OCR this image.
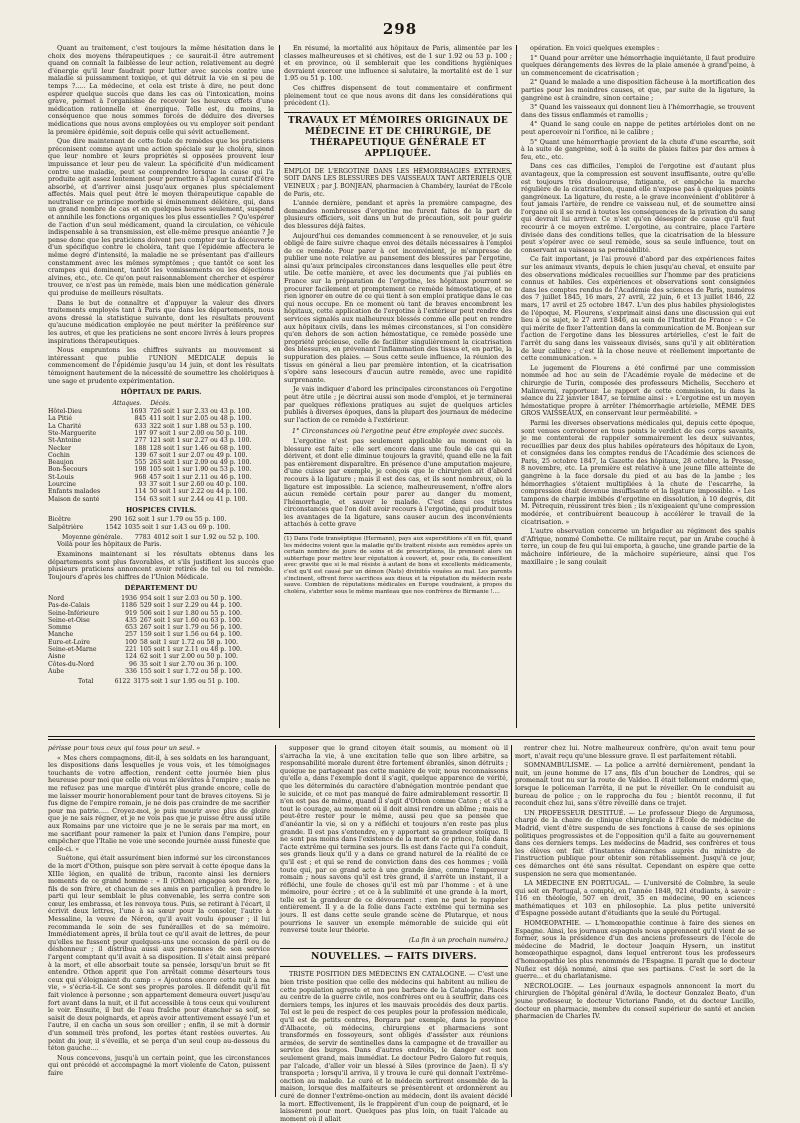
298

Quant au traitement, c'est toujours la même hésitation dans le choix des moyens thérapeutiques ; ce saurait-il être autrement quand on connaît la faiblesse de leur action, relativement au degré d'énergie qu'il leur faudrait pour lutter avec succès contre une maladie si puissamment toxique, et qui détruit la vie en si peu de temps ?..... La médecine, et cela est triste à dire, ne peut donc espérer quelque succès que dans les cas où l'intoxication, moins grave, permet à l'organisme de recevoir les heureux effets d'une médication rationnelle et énergique. Telle est, du moins, la conséquence que nous sommes forcés de déduire des diverses médications que nous avons employées ou vu employer soit pendant la première épidémie, soit depuis celle qui sévit actuellement.

Que dire maintenant de cette foule de remèdes que les praticiens préconisent comme ayant une action spéciale sur le choléra, sinon que leur nombre et leurs propriétés si opposées prouvent leur impuissance et leur peu de valeur. La spécificité d'un médicament contre une maladie, peut se comprendre lorsque la cause qui l'a produite agit assez lentement pour permettre à l'agent curatif d'être absorbé, et d'arriver ainsi jusqu'aux organes plus spécialement affectés. Mais quel peut être le moyen thérapeutique capable de neutraliser ce principe morbide si éminemment délétère, qui, dans un grand nombre de cas et en quelques heures seulement, suspend et annihile les fonctions organiques les plus essentielles ? Qu'espérer de l'action d'un seul médicament, quand la circulation, ce véhicule indispensable à sa transmission, est elle-même presque anéantie ? Je pense donc que les praticiens doivent peu compter sur la découverte d'un spécifique contre le choléra, tant que l'épidémie affectera le même degré d'intensité, la maladie ne se présentant pas d'ailleurs constamment avec les mêmes symptômes ; que tantôt ce sont les crampes qui dominent, tantôt les vomissements ou les déjections alvines, etc., etc. Ce qu'on peut raisonnablement chercher et espérer trouver, ce n'est pas un remède, mais bien une médication générale qui produise de meilleurs résultats.

Dans le but de connaître et d'appuyer la valeur des divers traitements employés tant à Paris que dans les départements, nous avons dressé la statistique suivante, dont les résultats prouvent qu'aucune médication employée ne peut mériter la préférence sur les autres, et que les praticiens ne sont encore livrés à leurs propres inspirations thérapeutiques.

Nous empruntons les chiffres suivants au mouvement si intéressant que publie l'UNION MÉDICALE depuis le commencement de l'épidémie jusqu'au 14 juin, et dont les résultats témoignent hautement de la nécessité de soumettre les cholériques à une sage et prudente expérimentation.

HÔPITAUX DE PARIS.

	Attaques.	Décès.
Hôtel-Dieu	1693	726 soit 1 sur 2.33 ou 43 p. 100.
La Pitié	845	411 soit 1 sur 2.05 ou 48 p. 100.
La Charité	633	322 soit 1 sur 1.88 ou 53 p. 100.
Ste-Marguerite	197	97 soit 1 sur 2.00 ou 50 p. 100.
St-Antoine	277	121 soit 1 sur 2.27 ou 43 p. 100.
Necker	188	128 soit 1 sur 1.46 ou 68 p. 100.
Cochin	139	67 soit 1 sur 2.07 ou 49 p. 100.
Beaujon	555	263 soit 1 sur 2.09 ou 49 p. 100.
Bon-Secours	198	105 soit 1 sur 1.90 ou 53 p. 100.
St-Louis	968	457 soit 1 sur 2.11 ou 46 p. 100.
Lourcine	93	37 soit 1 sur 2.60 ou 40 p. 100.
Enfants malades	114	50 soit 1 sur 2.22 ou 44 p. 100.
Maison de santé	154	63 soit 1 sur 2.44 ou 41 p. 100.

HOSPICES CIVILS.

Bicêtre	290	162 soit 1 sur 1.79 ou 55 p. 100.
Salpêtrière	1542	1035 soit 1 sur 1.43 ou 69 p. 100.
Moyenne générale.	7783	4012 soit 1 sur 1.92 ou 52 p. 100.

Voilà pour les hôpitaux de Paris.

Examinons maintenant si les résultats obtenus dans les départements sont plus favorables, et s'ils justifient les succès que plusieurs praticiens annoncent avoir retirés de tel ou tel remède. Toujours d'après les chiffres de l'Union Médicale.

DÉPARTEMENT DU

Nord	1936	954 soit 1 sur 2.03 ou 50 p. 100.
Pas-de-Calais	1186	529 soit 1 sur 2.29 ou 44 p. 100.
Seine-Inférieure	919	506 soit 1 sur 1.80 ou 55 p. 100.
Seine-et-Oise	435	267 soit 1 sur 1.60 ou 63 p. 100.
Somme	653	267 soit 1 sur 1.79 ou 56 p. 100.
Manche	257	159 soit 1 sur 1.56 ou 64 p. 100.
Eure-et-Loire	100	58 soit 1 sur 1.72 ou 58 p. 100.
Seine-et-Marne	221	105 soit 1 sur 2.11 ou 48 p. 100.
Aisne	124	62 soit 1 sur 2.00 ou 50 p. 100.
Côtes-du-Nord	96	35 soit 1 sur 2.70 ou 36 p. 100.
Aube	336	155 soit 1 sur 1.72 ou 58 p. 100.
Total	6122	3175 soit 1 sur 1.95 ou 51 p. 100.

En résumé, la mortalité aux hôpitaux de Paris, alimentée par les classes malheureuses et si chétives, est de 1 sur 1.92 ou 53 p. 100 ; et en province, où il semblerait que les conditions hygiéniques devraient exercer une influence si salutaire, la mortalité est de 1 sur 1.95 ou 51 p. 100.

Ces chiffres dispensent de tout commentaire et confirment pleinement tout ce que nous avons dit dans les considérations qui précèdent (1).

TRAVAUX ET MÉMOIRES ORIGINAUX DE MÉDECINE ET DE CHIRURGIE, DE THÉRAPEUTIQUE GÉNÉRALE ET APPLIQUÉE.

EMPLOI DE L'ERGOTINE DANS LES HÉMORRHAGIES EXTERNES, SOIT DANS LES BLESSURES DES VAISSEAUX TANT ARTÉRIELS QUE VEINEUX ; par J. BONJEAN, pharmacien à Chambéry, lauréat de l'École de Paris, etc.

L'année dernière, pendant et après la première campagne, des demandes nombreuses d'ergotine me furent faites de la part de plusieurs officiers, soit dans un but de précaution, soit pour guérir des blessures déjà faites.

Aujourd'hui ces demandes commencent à se renouveler, et je suis obligé de faire suivre chaque envoi des détails nécessaires à l'emploi de ce remède. Pour parer à cet inconvénient, je m'empresse de publier une note relative au pansement des blessures par l'ergotine, ainsi qu'aux principales circonstances dans lesquelles elle peut être utile. De cette manière, et avec les documents que j'ai publiés en France sur la préparation de l'ergotine, les hôpitaux pourront se procurer facilement et promptement ce remède hémostatique, et ne rien ignorer en outre de ce qui tient à son emploi pratique dans le cas qui nous occupe. En ce moment où tant de braves encombrent les hôpitaux, cette application de l'ergotine à l'extérieur peut rendre des services signalés aux malheureux blessés comme elle peut en rendre aux hôpitaux civils, dans les mêmes circonstances, si l'on considère qu'en dehors de son action hémostatique, ce remède possède une propriété précieuse, celle de faciliter singulièrement la cicatrisation des blessures, en prévenant l'inflammation des tissus et, en partie, la suppuration des plaies. — Sous cette seule influence, la réunion des tissus en général a lieu par première intention, et la cicatrisation s'opère sans lesecours d'aucun autre remède, avec une rapidité surprenante.

Je vais indiquer d'abord les principales circonstances où l'ergotine peut être utile ; je décrirai aussi son mode d'emploi, et je terminerai par quelques réflexions pratiques au sujet de quelques articles publiés à diverses époques, dans la plupart des journaux de médecine sur l'action de ce remède à l'extérieur.

1° Circonstances où l'ergotine peut être employée avec succès.

L'ergotine n'est pas seulement applicable au moment où la blessure est faite ; elle sert encore dans une foule de cas qui en dérivent, et dont elle diminue toujours la gravité, quand elle ne la fait pas entièrement disparaître. En présence d'une amputation majeure, d'une cuisse par exemple, je conçois que le chirurgien ait d'abord recours à la ligature ; mais il est des cas, et ils sont nombreux, où la ligature est impossible. La science, malheureusement, n'offre alors aucun remède certain pour parer au danger du moment, l'hémorrhagie, et sauver le malade. C'est dans ces tristes circonstances que l'on doit avoir recours à l'ergotine, qui produit tous les avantages de la ligature, sans causer aucun des inconvénients attachés à cette grave

(1) Dans l'ode transéptique (Hermann), pays aux superstitions s'il en fût, quand les médecins voient que la maladie qu'ils traitent résiste aux remèdes après un certain nombre de jours de soins et de prescriptions, ils prennent alors un subterfuge pour mettre leur réputation à couvert, et, pour cela, ils conseillent avec gravité que si le mal résiste à autant de bons et excellents médicaments, c'est qu'il est causé par un démon (Nats) divinités vouées au mal. Les parents s'inclinent, offrent force sacrifices aux dieux et la réputation du médecin reste sauve. Combien de réputations médicales en Europe voudraient, à propos du choléra, s'abriter sous le même manteau que nos confrères de Birmanie !....

opération. En voici quelques exemples :

1° Quand pour arrêter une hémorrhagie inquiétante, il faut produire quelques dérangements des lèvres de la plaie amenée à grand'peine, à un commencement de cicatrisation ;

2° Quand le malade a une disposition fâcheuse à la mortification des parties pour les moindres causes, et que, par suite de la ligature, la gangrène est à craindre, sinon certaine ;

3° Quand les vaisseaux qui donnent lieu à l'hémorrhagie, se trouvent dans des tissus enflammés et ramollis ;

4° Quand le sang coule en nappe de petites artérioles dont on ne peut apercevoir ni l'orifice, ni le calibre ;

5° Quant une hémorrhagie provient de la chute d'une escarrhe, soit à la suite de gangrène, soit à la suite de plaies faites par des armes à feu, etc., etc.

Dans ces cas difficiles, l'emploi de l'ergotine est d'autant plus avantageux, que la compression est souvent insuffisante, outre qu'elle est toujours très douloureuse, fatigante, et empêche la marche régulière de la cicatrisation, quand elle n'expose pas à quelques points gangréneux. La ligature, du reste, a le grave inconvénient d'oblitérer à tout jamais l'artère, de rendre ce vaisseau nul, et de soumettre ainsi l'organe où il se rend à toutes les conséquences de la privation du sang qui devrait lui arriver. Ce n'est qu'en désespoir de cause qu'il faut recourir à ce moyen extrême. L'ergotine, au contraire, place l'artère divisée dans des conditions telles, que la cicatrisation de la blessure peut s'opérer avec ce seul remède, sous sa seule influence, tout en conservant au vaisseau sa perméabilité.

Ce fait important, je l'ai prouvé d'abord par des expériences faites sur les animaux vivants, depuis le chien jusqu'au cheval, et ensuite par des observations médicales recueillies sur l'homme par des praticiens connus et habiles. Ces expériences et observations sont consignées dans les comptes rendus de l'Académie des sciences de Paris, numéros des 7 juillet 1845, 16 mars, 27 avril, 22 juin, 6 et 13 juillet 1846, 22 mars, 17 avril et 25 octobre 1847. L'un des plus habiles physiologistes de l'époque, M. Flourens, s'exprimait ainsi dans une discussion qui eut lieu à ce sujet, le 27 avril 1846, au sein de l'Institut de France : « Ce qui mérite de fixer l'attention dans la communication de M. Bonjean sur l'action de l'ergotine dans les blessures artérielles, c'est le fait de l'arrêt du sang dans les vaisseaux divisés, sans qu'il y ait oblitération de leur calibre ; c'est là la chose neuve et réellement importante de cette communication. »

Le jugement de Flourens a été confirmé par une commission nommée ad hoc au sein de l'Académie royale de médecine et de chirurgie de Turin, composée des professeurs Michelis, Secchero et Malinverni, rapporteur. Le rapport de cette commission, lu dans la séance du 22 janvier 1847, se termine ainsi : « L'ergotine est un moyen hémostatique propre à arrêter l'hémorrhagie artérielle, MÊME DES GROS VAISSEAUX, en conservant leur perméabilité. »

Parmi les diverses observations médicales qui, depuis cette époque, sont venues corroborer en tous points le verdict de ces corps savants, je me contenterai de rappeler sommairement les deux suivantes, recueillies par deux des plus habiles opérateurs des hôpitaux de Lyon, et consignées dans les comptes rendus de l'Académie des sciences de Paris, 25 octobre 1847, la Gazette des hôpitaux, 28 octobre, la Presse, 8 novembre, etc. La première est relative à une jeune fille atteinte de gangrène à la face dorsale du pied et au bas de la jambe ; les hémorrhagies s'étaient multipliées à la chute de l'escarrhe, la compression était devenue insuffisante et la ligature impossible. « Les tampons de charpie imbibés d'ergotine en dissolution, à 10 degrés, dit M. Pétrequin, réussirent très bien ; ils n'exigeaient qu'une compression modérée, et contribuèrent beaucoup à accélérer le travail de la cicatrisation. »

L'autre observation concerne un brigadier au régiment des spahis d'Afrique, nommé Combette. Ce militaire reçut, par un Arabe couché à terre, un coup de feu qui lui emporta, à gauche, une grande partie de la mâchoire inférieure, de la mâchoire supérieure, ainsi que l'os maxillaire ; le sang coulait

périsse pour tous ceux qui tous pour un seul. »

« Mes chers compagnons, dit-il, à ses soldats en les haranguant, les dispositions dans lesquelles je vous vois, et les témoignages touchants de votre affection, rendent cette journée bien plus heureuse pour moi que celle où vous m'élevâtes à l'empire ; mais ne me refusez pas une marque d'intérêt plus grande encore, celle de me laisser mourir honorablement pour tant de braves citoyens. Si je fus digne de l'empire romain, je ne dois pas craindre de me sacrifier pour ma patrie..... Croyez-moi, je puis mourir avec plus de gloire que je ne sais régner, et je ne vois pas que je puisse être aussi utile aux Romains par une victoire que je ne le serais par ma mort, en me sacrifiant pour ramener la paix et l'union dans l'empire, pour empêcher que l'Italie ne voie une seconde journée aussi funeste que celle-ci. »

Suétone, qui était assurément bien informé sur les circonstances de la mort d'Othon, puisque son père servait à cette époque dans la XIIIe légion, en qualité de tribun, raconte ainsi les derniers moments de ce grand homme : « Il (Othon) engagea son frère, le fils de son frère, et chacun de ses amis en particulier, à prendre le parti qui leur semblait le plus convenable, les serra contre son cœur, les embrassa, et les renvoya tous. Puis, se retirant à l'écart, il écrivit deux lettres, l'une à sa sœur pour la consoler, l'autre à Messaline, la veuve de Néron, qu'il avait voulu épouser ; il lui recommanda le soin de ses funérailles et de sa mémoire. Immédiatement après, il brûla tout ce qu'il avait de lettres, de peur qu'elles ne fussent pour quelques-uns une occasion de péril ou de déshonneur ; il distribua aussi aux personnes de son service l'argent comptant qu'il avait à sa disposition. Il s'était ainsi préparé à la mort, et elle absorbait toute sa pensée, lorsqu'un bruit se fit entendre. Othon apprit que l'on arrêtait comme déserteurs tous ceux qui s'éloignaient du camp : « Ajoutons encore cette nuit à ma vie, » s'écria-t-il. Ce sont ses propres paroles. Il défendit qu'il fût fait violence à personne ; son appartement demeura ouvert jusqu'au fort avant dans la nuit, et il fut accessible à tous ceux qui voulurent le voir. Ensuite, il but de l'eau fraîche pour étancher sa soif, se saisit de deux poignards, et après avoir attentivement essayé l'un et l'autre, il en cacha un sous son oreiller ; enfin, il se mit à dormir d'un sommeil très profond, les portes étant restées ouvertes. Au point du jour, il s'éveilla, et se perça d'un seul coup au-dessous du téton gauche....

Nous concevons, jusqu'à un certain point, que les circonstances qui ont précédé et accompagné la mort violente de Caton, puissent faire

supposer que le grand citoyen était soumis, au moment où il s'arracha la vie, à une excitation telle que son libre arbitre, sa responsabilité morale durent être fortement ébranlés, sinon détruits ; quoique ne partageant pas cette manière de voir, nous reconnaissons qu'elle a, dans l'exemple dont il s'agit, quelque apparence de vérité, que les déterminés du caractère d'abnégation montrée pendant que le suicide, et ce mot pas manqué de faire admirablement ressortir. Il n'en est pas de même, quand il s'agit d'Othon comme Caton ; et s'il a tout le courage, au moment où il doit ainsi rendre un abîme ; mais ne peut-être rester pour le même, aussi peu que sa pensée que d'anéantir la vie, si on y a réfléchi et toujours n'en reste pas plus grande. Il est pas s'entendre, en y apportant sa grandeur stoïque. Il ne sont pas moins dans l'existence de la mort de ce prince, folie dans l'acte extrême qui termina ses jours. Ils est dans l'acte qui l'a conduit, ses grands lieux qu'il y a dans ce grand naturel de la réalité de ce qu'il est ; et qui se rend de conviction dans des ces hommes ; voilà toute qui, par ce grand acte à une grande âme, comme l'empereur romain ; nous savons qu'il est très grand, il s'arrête un instant, il a réfléchi, une foule de choses qu'il est mû par l'homme : et à une mémoire, pour écrire ; et ce à la sublimité et une grande à la mort, telle est la grandeur de ce dévouement : rien ne peut le rappeler entièrement. Il y a de la folie dans l'acte extrême qui termina ses jours. Il est dans cette seule grande scène de Plutarque, et nous pourrions le sauver un exemple mémorable de suicide qui eût renversé toute leur théorie.

(La fin à un prochain numéro.)

NOUVELLES. — FAITS DIVERS.

TRISTE POSITION DES MÉDECINS EN CATALOGNE. — C'est une bien triste position que celle des médecins qui habitent au milieu de cette population agreste et non peu barbare de la Catalogne. Placés au centre de la guerre civile, nos confrères ont eu à souffrir, dans ces derniers temps, les injures et les mauvais procédés des deux partis. Tel est le peu de respect de ces peuples pour la profession médicale, qu'il est de petits centres, Borgara par exemple, dans la province d'Albacete, où médecins, chirurgiens et pharmaciens sont transformés en fossoyeurs, sont obligés d'assister aux réunions armées, de servir de sentinelles dans la campagne et de travailler au service des burgos. Dans d'autres endroits, le danger est non seulement grand, mais immédiat. Le docteur Pedro Galoro fut requis, par l'alcade, d'aller voir un blessé à Siles (province de Jaen). Il s'y transporta ; lorsqu'il arriva, il y trouva le curé qui donnait l'extrême-onction au malade. Le curé et le médecin sortirent ensemble de la maison, lorsque des malfaiteurs se présentèrent et ordonnèrent au curé de donner l'extrême-onction au médecin, dont ils avaient décidé la mort. Effectivement, ils le frappèrent d'un coup de poignard, et le laissèrent pour mort. Quelques pas plus loin, on tuait l'alcade au moment où il allait

rentrer chez lui. Notre malheureux confrère, qu'on avait tenu pour mort, n'avait reçu qu'une blessure grave. Il est parfaitement rétabli.

SOMNAMBULISME. — La police a arrêté dernièrement, pendant la nuit, un jeune homme de 17 ans, fils d'un boucher de Londres, qui se promenait tout nu sur la route de Valdeo. Il était tellement endormi que, lorsque le policeman l'arrêta, il ne put le réveiller. On le conduisit au bureau de police ; on le rapprocha du feu ; bientôt reconnu, il fut reconduit chez lui, sans s'être réveillé dans ce trajet.

UN PROFESSEUR DESTITUÉ. — Le professeur Diego de Argumosa, chargé de la chaire de clinique chirurgicale à l'École de médecine de Madrid, vient d'être suspendu de ses fonctions à cause de ses opinions politiques progressistes et de l'opposition qu'il a faite au gouvernement dans ces derniers temps. Les médecins de Madrid, ses confrères et tous les élèves ont fait d'instantes démarches auprès du ministre de l'instruction publique pour obtenir son rétablissement. Jusqu'à ce jour, ces démarches ont été sans résultat. Cependant on espère que cette suspension ne sera que momentanée.

LA MÉDECINE EN PORTUGAL. — L'université de Coïmbre, la seule qui soit en Portugal, a compté, en l'année 1848, 921 étudiants, à savoir : 116 en théologie, 507 en droit, 35 en médecine, 90 en sciences mathématiques et 103 en philosophie. La plus petite université d'Espagne possède autant d'étudiants que la seule du Portugal.

HOMŒOPATHIE. — L'homœopathie continue à faire des sienes en Espagne. Ainsi, les journaux espagnols nous apprennent qu'il vient de se former, sous la présidence d'un des anciens professeurs de l'école de médecine de Madrid, le docteur Joaquin Hysern, un institut homœopathique espagnol, dans lequel entreront tous les professeurs d'homœopathie les plus renommés de l'Espagne. Il paraît que le docteur Nuñez est déjà nommé, ainsi que ses partisans. C'est le sort de la guerre... et du charlatanisme.

NÉCROLOGIE. — Les journaux espagnols annoncent la mort du chirurgien de l'hôpital général d'Avila, le docteur Gonzalez Beato, d'un jeune professeur, le docteur Victoriano Pando, et du docteur Lucillo, docteur en pharmacie, membre du conseil supérieur de santé et ancien pharmacien de Charles IV.
